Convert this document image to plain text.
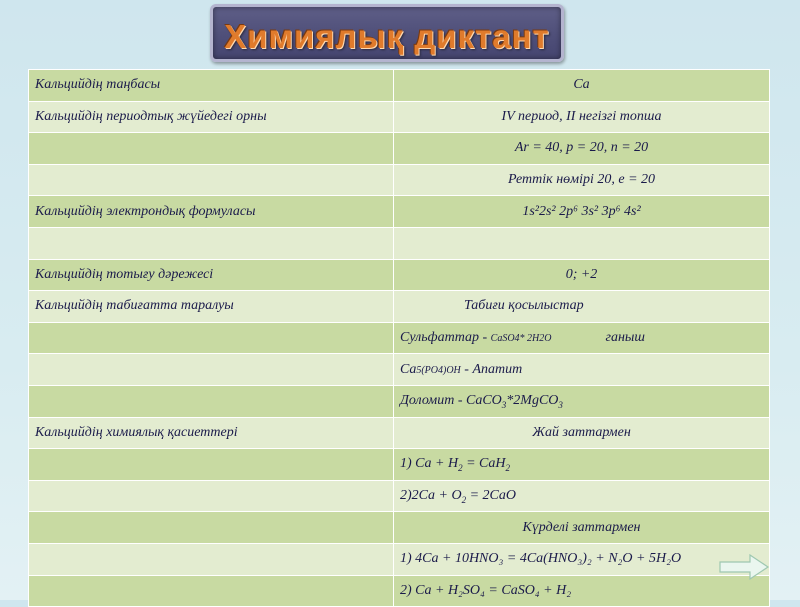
Химиялық диктант
Кальцийдің таңбасы	Ca
Кальцийдің периодтық жүйедегі орны	IV период, II негізгі топша
	Ar = 40, p = 20, n = 20
	Реттік нөмірі 20, e = 20
Кальцийдің электрондық формуласы	1s²2s² 2p⁶ 3s² 3p⁶ 4s²

Кальцийдің тотығу дәрежесі	0; +2
Кальцийдің табиғатта таралуы	Табиғи қосылыстар
	Сульфаттар - CaSO4* 2H2O ганыш
	Ca5(PO4)OH - Апатит
	Доломит - CaCO$_3$*2MgCO$_3$
Кальцийдің химиялық қасиеттері	Жай заттармен
	1) $Ca + H_2 = CaH_2$
	$2)2Ca + O_2 = 2CaO$
	Күрделі заттармен
	1) 4Ca + 10HNO₃ = 4Ca(HNO₃)₂ + N₂O + 5H₂O
	2) Ca + H₂SO₄ = CaSO₄ + H₂
